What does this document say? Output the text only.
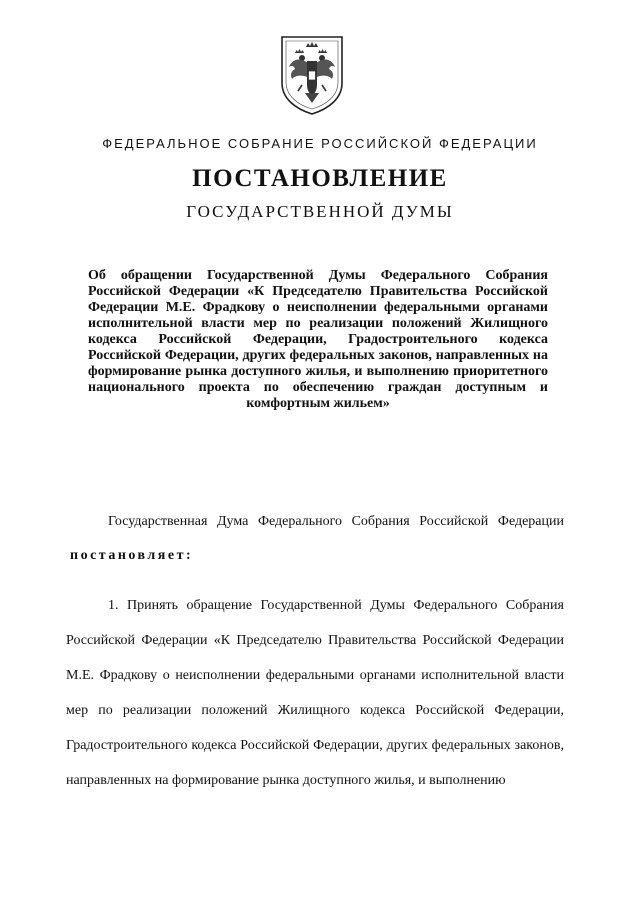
ФЕДЕРАЛЬНОЕ СОБРАНИЕ РОССИЙСКОЙ ФЕДЕРАЦИИ
ПОСТАНОВЛЕНИЕ
ГОСУДАРСТВЕННОЙ ДУМЫ
Об обращении Государственной Думы Федерального Собрания Российской Федерации «К Председателю Правительства Российской Федерации М.Е. Фрадкову о неисполнении федеральными органами исполнительной власти мер по реализации положений Жилищного кодекса Российской Федерации, Градостроительного кодекса Российской Федерации, других федеральных законов, направленных на формирование рынка доступного жилья, и выполнению приоритетного национального проекта по обеспечению граждан доступным и комфортным жильем»
Государственная Дума Федерального Собрания Российской Федерации постановляет:
1. Принять обращение Государственной Думы Федерального Собрания Российской Федерации «К Председателю Правительства Российской Федерации М.Е. Фрадкову о неисполнении федеральными органами исполнительной власти мер по реализации положений Жилищного кодекса Российской Федерации, Градостроительного кодекса Российской Федерации, других федеральных законов, направленных на формирование рынка доступного жилья, и выполнению
